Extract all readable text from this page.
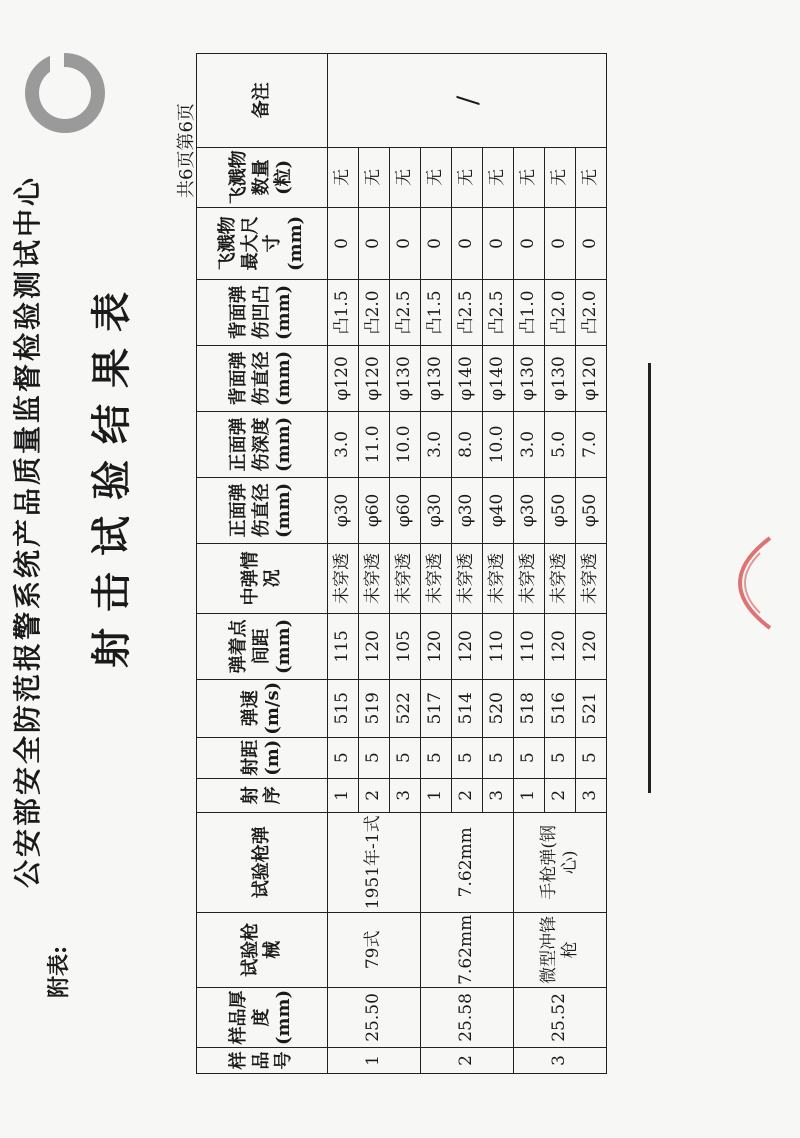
公安部安全防范报警系统产品质量监督检验测试中心
附表:
射击试验结果表
共6页第6页
样品号	样品厚度(mm)	试验枪械	试验枪弹	射序	射距(m)	弹速(m/s)	弹着点间距(mm)	中弹情况	正面弹伤直径(mm)	正面弹伤深度(mm)	背面弹伤直径(mm)	背面弹伤凹凸(mm)	飞溅物最大尺寸(mm)	飞溅物数量(粒)	备注
1	25.50	79式	1951年-1式	1	5	515	115	未穿透	φ30	3.0	φ120	凸1.5	0	无	/
				2	5	519	120	未穿透	φ60	11.0	φ120	凸2.0	0	无	
				3	5	522	105	未穿透	φ60	10.0	φ130	凸2.5	0	无	
2	25.58	7.62mm	7.62mm	1	5	517	120	未穿透	φ30	3.0	φ130	凸1.5	0	无	
				2	5	514	120	未穿透	φ30	8.0	φ140	凸2.5	0	无	
				3	5	520	110	未穿透	φ40	10.0	φ140	凸2.5	0	无	
3	25.52	微型冲锋枪	手枪弹(钢心)	1	5	518	110	未穿透	φ30	3.0	φ130	凸1.0	0	无	
				2	5	516	120	未穿透	φ50	5.0	φ130	凸2.0	0	无	
				3	5	521	120	未穿透	φ50	7.0	φ120	凸2.0	0	无	
